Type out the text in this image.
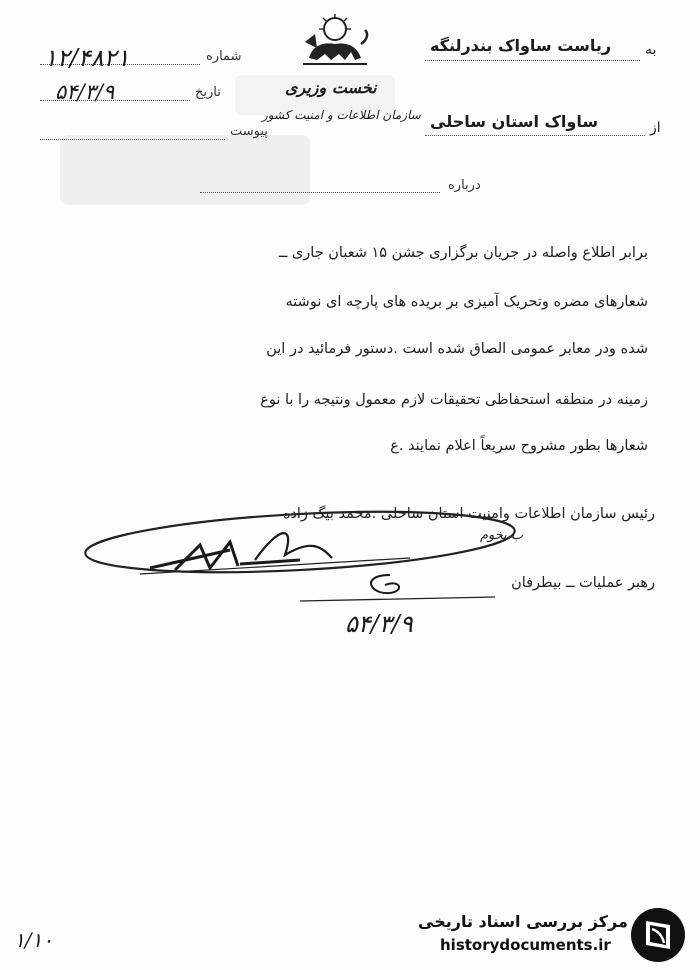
شماره
۱۲/۴۸۲۱
تاریخ
۵۴/۳/۹
پیوست
نخست وزیری
سازمان اطلاعات و امنیت کشور
به
ریاست ساواک بندرلنگه
از
ساواک استان ساحلی
درباره
برابر اطلاع واصله در جریان برگزاری جشن ۱۵ شعبان جاری ــ
شعارهای مضره وتحریک آمیزی بر بریده های پارچه ای نوشته
شده ودر معابر عمومی الصاق شده است .دستور فرمائید در این
زمینه در منطقه استحفاظی تحقیقات لازم معمول ونتیجه را با نوع
شعارها بطور مشروح سریعاً اعلام نمایند .ع
رئیس سازمان اطلاعات وامنیت استان ساحلی .محمد بیگ زاده
ب بخوم
رهبر عملیات ــ بیطرفان
۵۴/۳/۹
۱/۱۰
مرکز بررسی اسناد تاریخی
historydocuments.ir
